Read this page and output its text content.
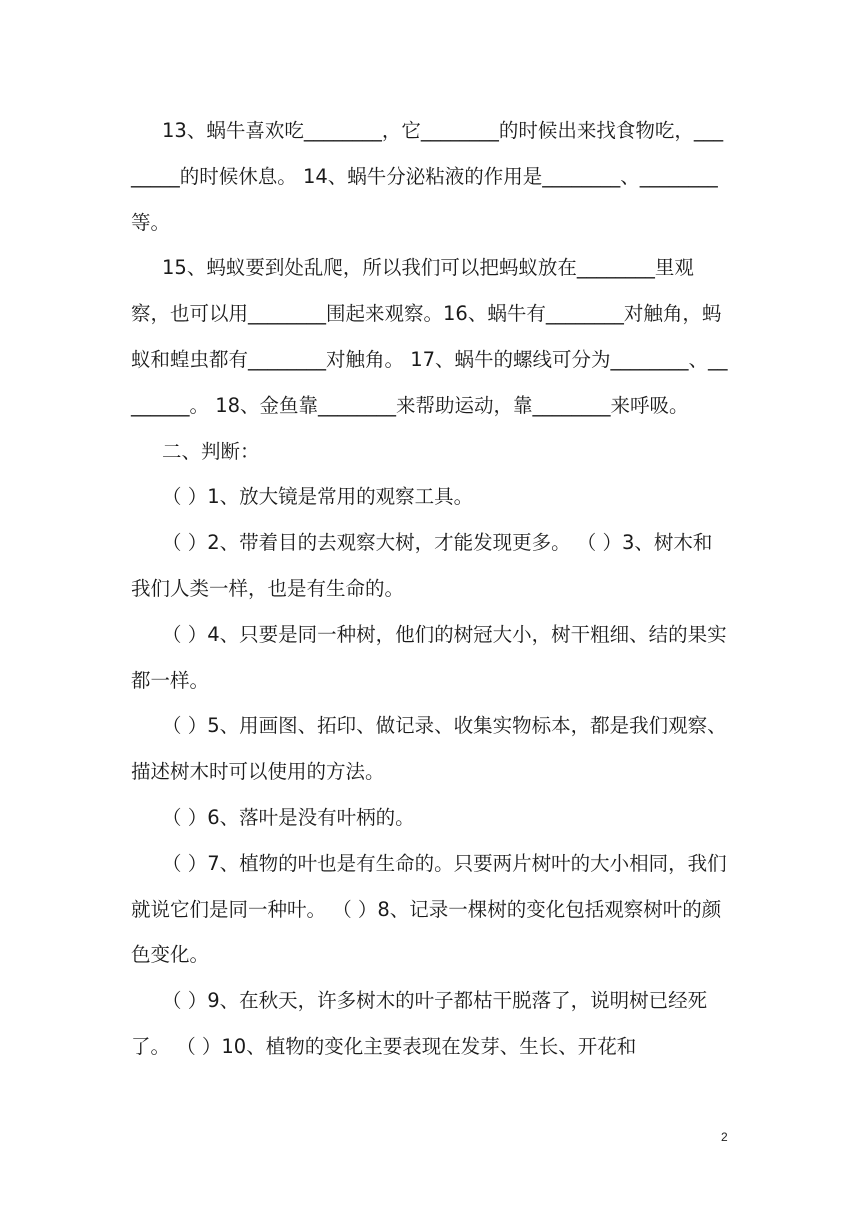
13、蜗牛喜欢吃________，它________的时候出来找食物吃，________的时候休息。 14、蜗牛分泌粘液的作用是________、________等。

15、蚂蚁要到处乱爬，所以我们可以把蚂蚁放在________里观察，也可以用________围起来观察。16、蜗牛有________对触角，蚂蚁和蝗虫都有________对触角。 17、蜗牛的螺线可分为________、________。 18、金鱼靠________来帮助运动，靠________来呼吸。

二、判断：

（ ）1、放大镜是常用的观察工具。

（ ）2、带着目的去观察大树，才能发现更多。 （ ）3、树木和我们人类一样，也是有生命的。

（ ）4、只要是同一种树，他们的树冠大小，树干粗细、结的果实都一样。

（ ）5、用画图、拓印、做记录、收集实物标本，都是我们观察、描述树木时可以使用的方法。

（ ）6、落叶是没有叶柄的。

（ ）7、植物的叶也是有生命的。只要两片树叶的大小相同，我们就说它们是同一种叶。 （ ）8、记录一棵树的变化包括观察树叶的颜色变化。

（ ）9、在秋天，许多树木的叶子都枯干脱落了，说明树已经死了。 （ ）10、植物的变化主要表现在发芽、生长、开花和

2
